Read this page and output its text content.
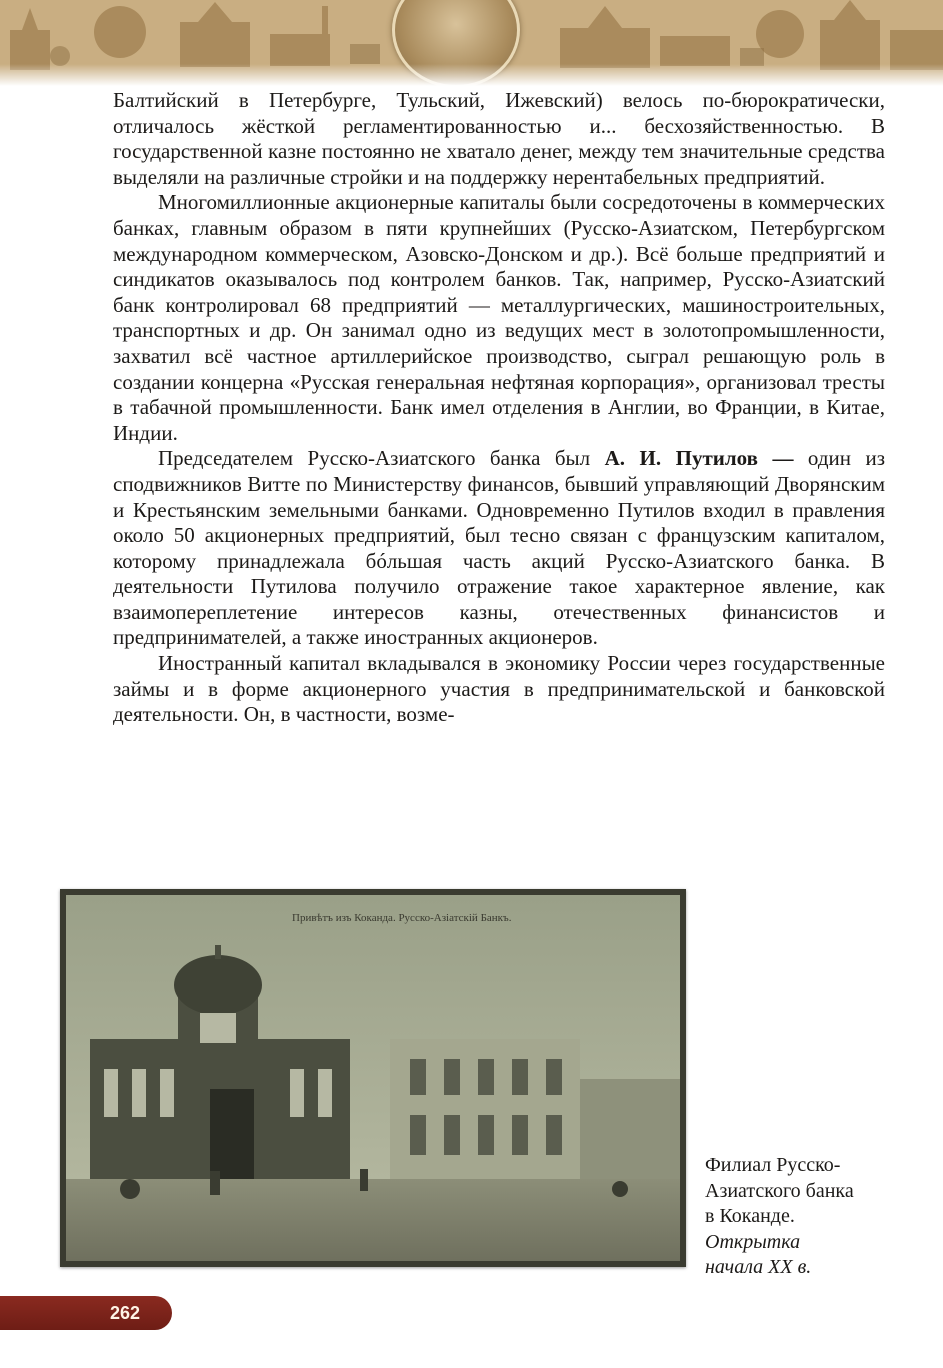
Балтийский в Петербурге, Тульский, Ижевский) велось по-бюрократически, отличалось жёсткой регламентированностью и... бесхозяйственностью. В государственной казне постоянно не хватало денег, между тем значительные средства выделяли на различные стройки и на поддержку нерентабельных предприятий.

Многомиллионные акционерные капиталы были сосредоточены в коммерческих банках, главным образом в пяти крупнейших (Русско-Азиатском, Петербургском международном коммерческом, Азовско-Донском и др.). Всё больше предприятий и синдикатов оказывалось под контролем банков. Так, например, Русско-Азиатский банк контролировал 68 предприятий — металлургических, машиностроительных, транспортных и др. Он занимал одно из ведущих мест в золотопромышленности, захватил всё частное артиллерийское производство, сыграл решающую роль в создании концерна «Русская генеральная нефтяная корпорация», организовал тресты в табачной промышленности. Банк имел отделения в Англии, во Франции, в Китае, Индии.

Председателем Русско-Азиатского банка был А. И. Путилов — один из сподвижников Витте по Министерству финансов, бывший управляющий Дворянским и Крестьянским земельными банками. Одновременно Путилов входил в правления около 50 акционерных предприятий, был тесно связан с французским капиталом, которому принадлежала бóльшая часть акций Русско-Азиатского банка. В деятельности Путилова получило отражение такое характерное явление, как взаимопереплетение интересов казны, отечественных финансистов и предпринимателей, а также иностранных акционеров.

Иностранный капитал вкладывался в экономику России через государственные займы и в форме акционерного участия в предпринимательской и банковской деятельности. Он, в частности, возме-

Привѣтъ изъ Коканда. Русско-Азiатскiй Банкъ.
Филиал Русско-
Азиатского банка
в Коканде.
Открытка
начала XX в.
262
